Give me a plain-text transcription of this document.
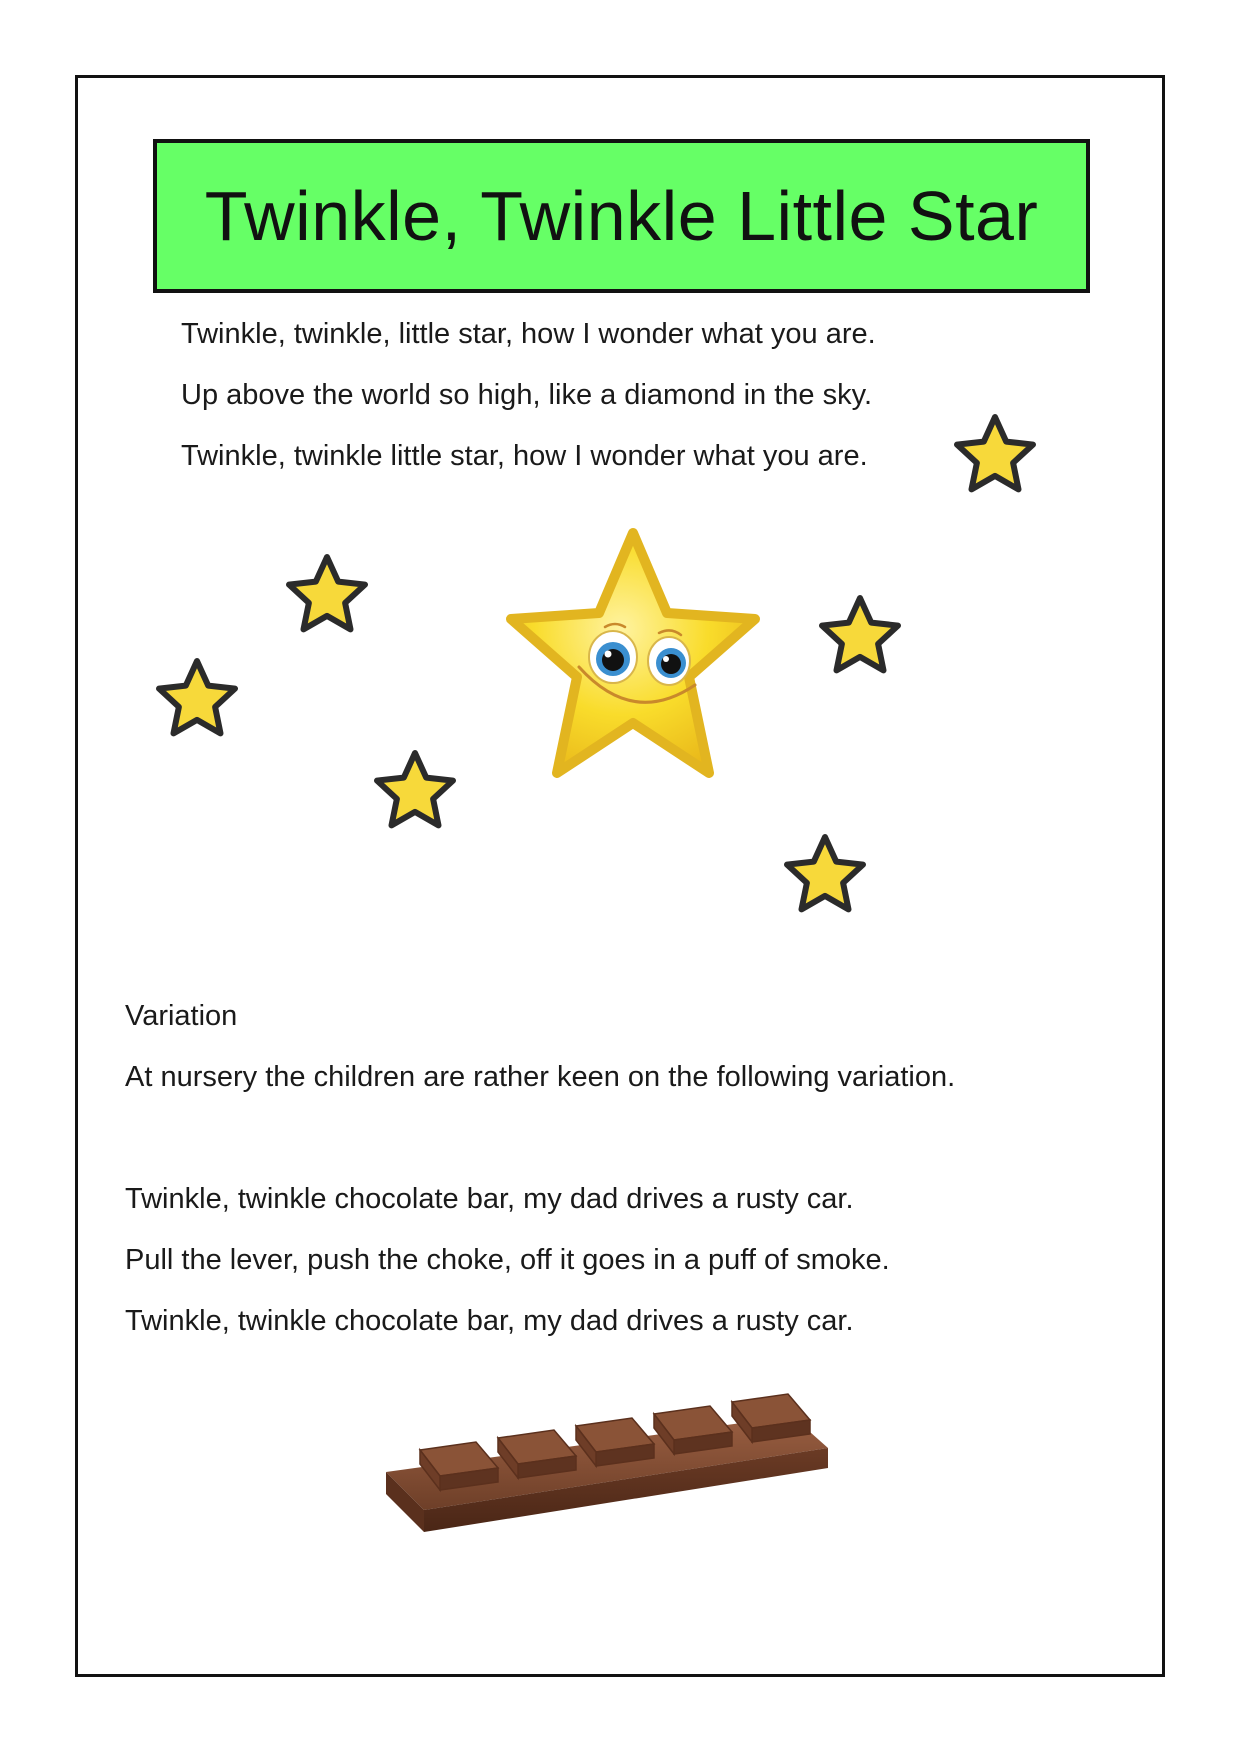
Twinkle, Twinkle Little Star

Twinkle, twinkle, little star, how I wonder what you are.

Up above the world so high, like a diamond in the sky.

Twinkle, twinkle little star, how I wonder what you are.

Variation

At nursery the children are rather keen on the following variation.

Twinkle, twinkle chocolate bar, my dad drives a rusty car.

Pull the lever, push the choke, off it goes in a puff of smoke.

Twinkle, twinkle chocolate bar, my dad drives a rusty car.
